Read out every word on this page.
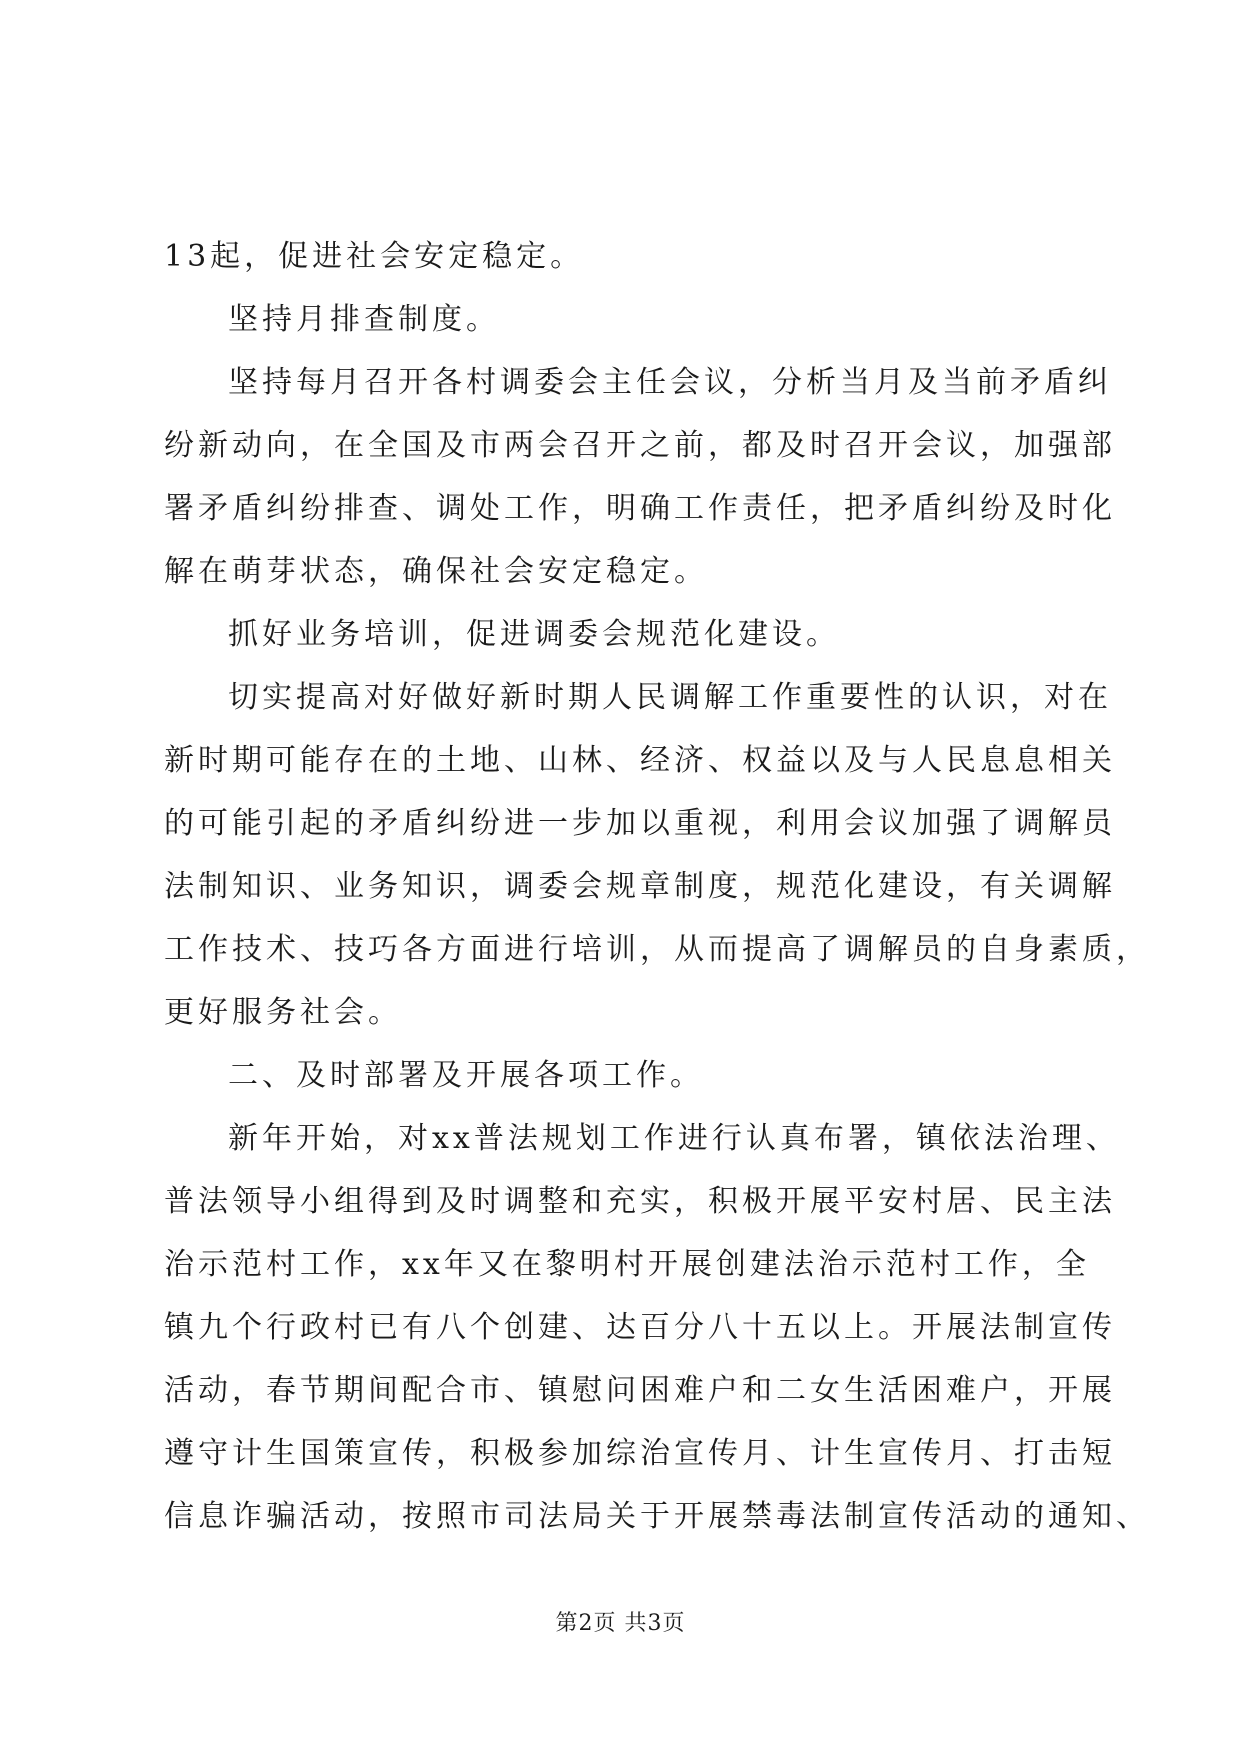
13起，促进社会安定稳定。
坚持月排查制度。
坚持每月召开各村调委会主任会议，分析当月及当前矛盾纠
纷新动向，在全国及市两会召开之前，都及时召开会议，加强部
署矛盾纠纷排查、调处工作，明确工作责任，把矛盾纠纷及时化
解在萌芽状态，确保社会安定稳定。
抓好业务培训，促进调委会规范化建设。
切实提高对好做好新时期人民调解工作重要性的认识，对在
新时期可能存在的土地、山林、经济、权益以及与人民息息相关
的可能引起的矛盾纠纷进一步加以重视，利用会议加强了调解员
法制知识、业务知识，调委会规章制度，规范化建设，有关调解
工作技术、技巧各方面进行培训，从而提高了调解员的自身素质，
更好服务社会。
二、及时部署及开展各项工作。
新年开始，对xx普法规划工作进行认真布署，镇依法治理、
普法领导小组得到及时调整和充实，积极开展平安村居、民主法
治示范村工作，xx年又在黎明村开展创建法治示范村工作，全
镇九个行政村已有八个创建、达百分八十五以上。开展法制宣传
活动，春节期间配合市、镇慰问困难户和二女生活困难户，开展
遵守计生国策宣传，积极参加综治宣传月、计生宣传月、打击短
信息诈骗活动，按照市司法局关于开展禁毒法制宣传活动的通知、
第2页 共3页
